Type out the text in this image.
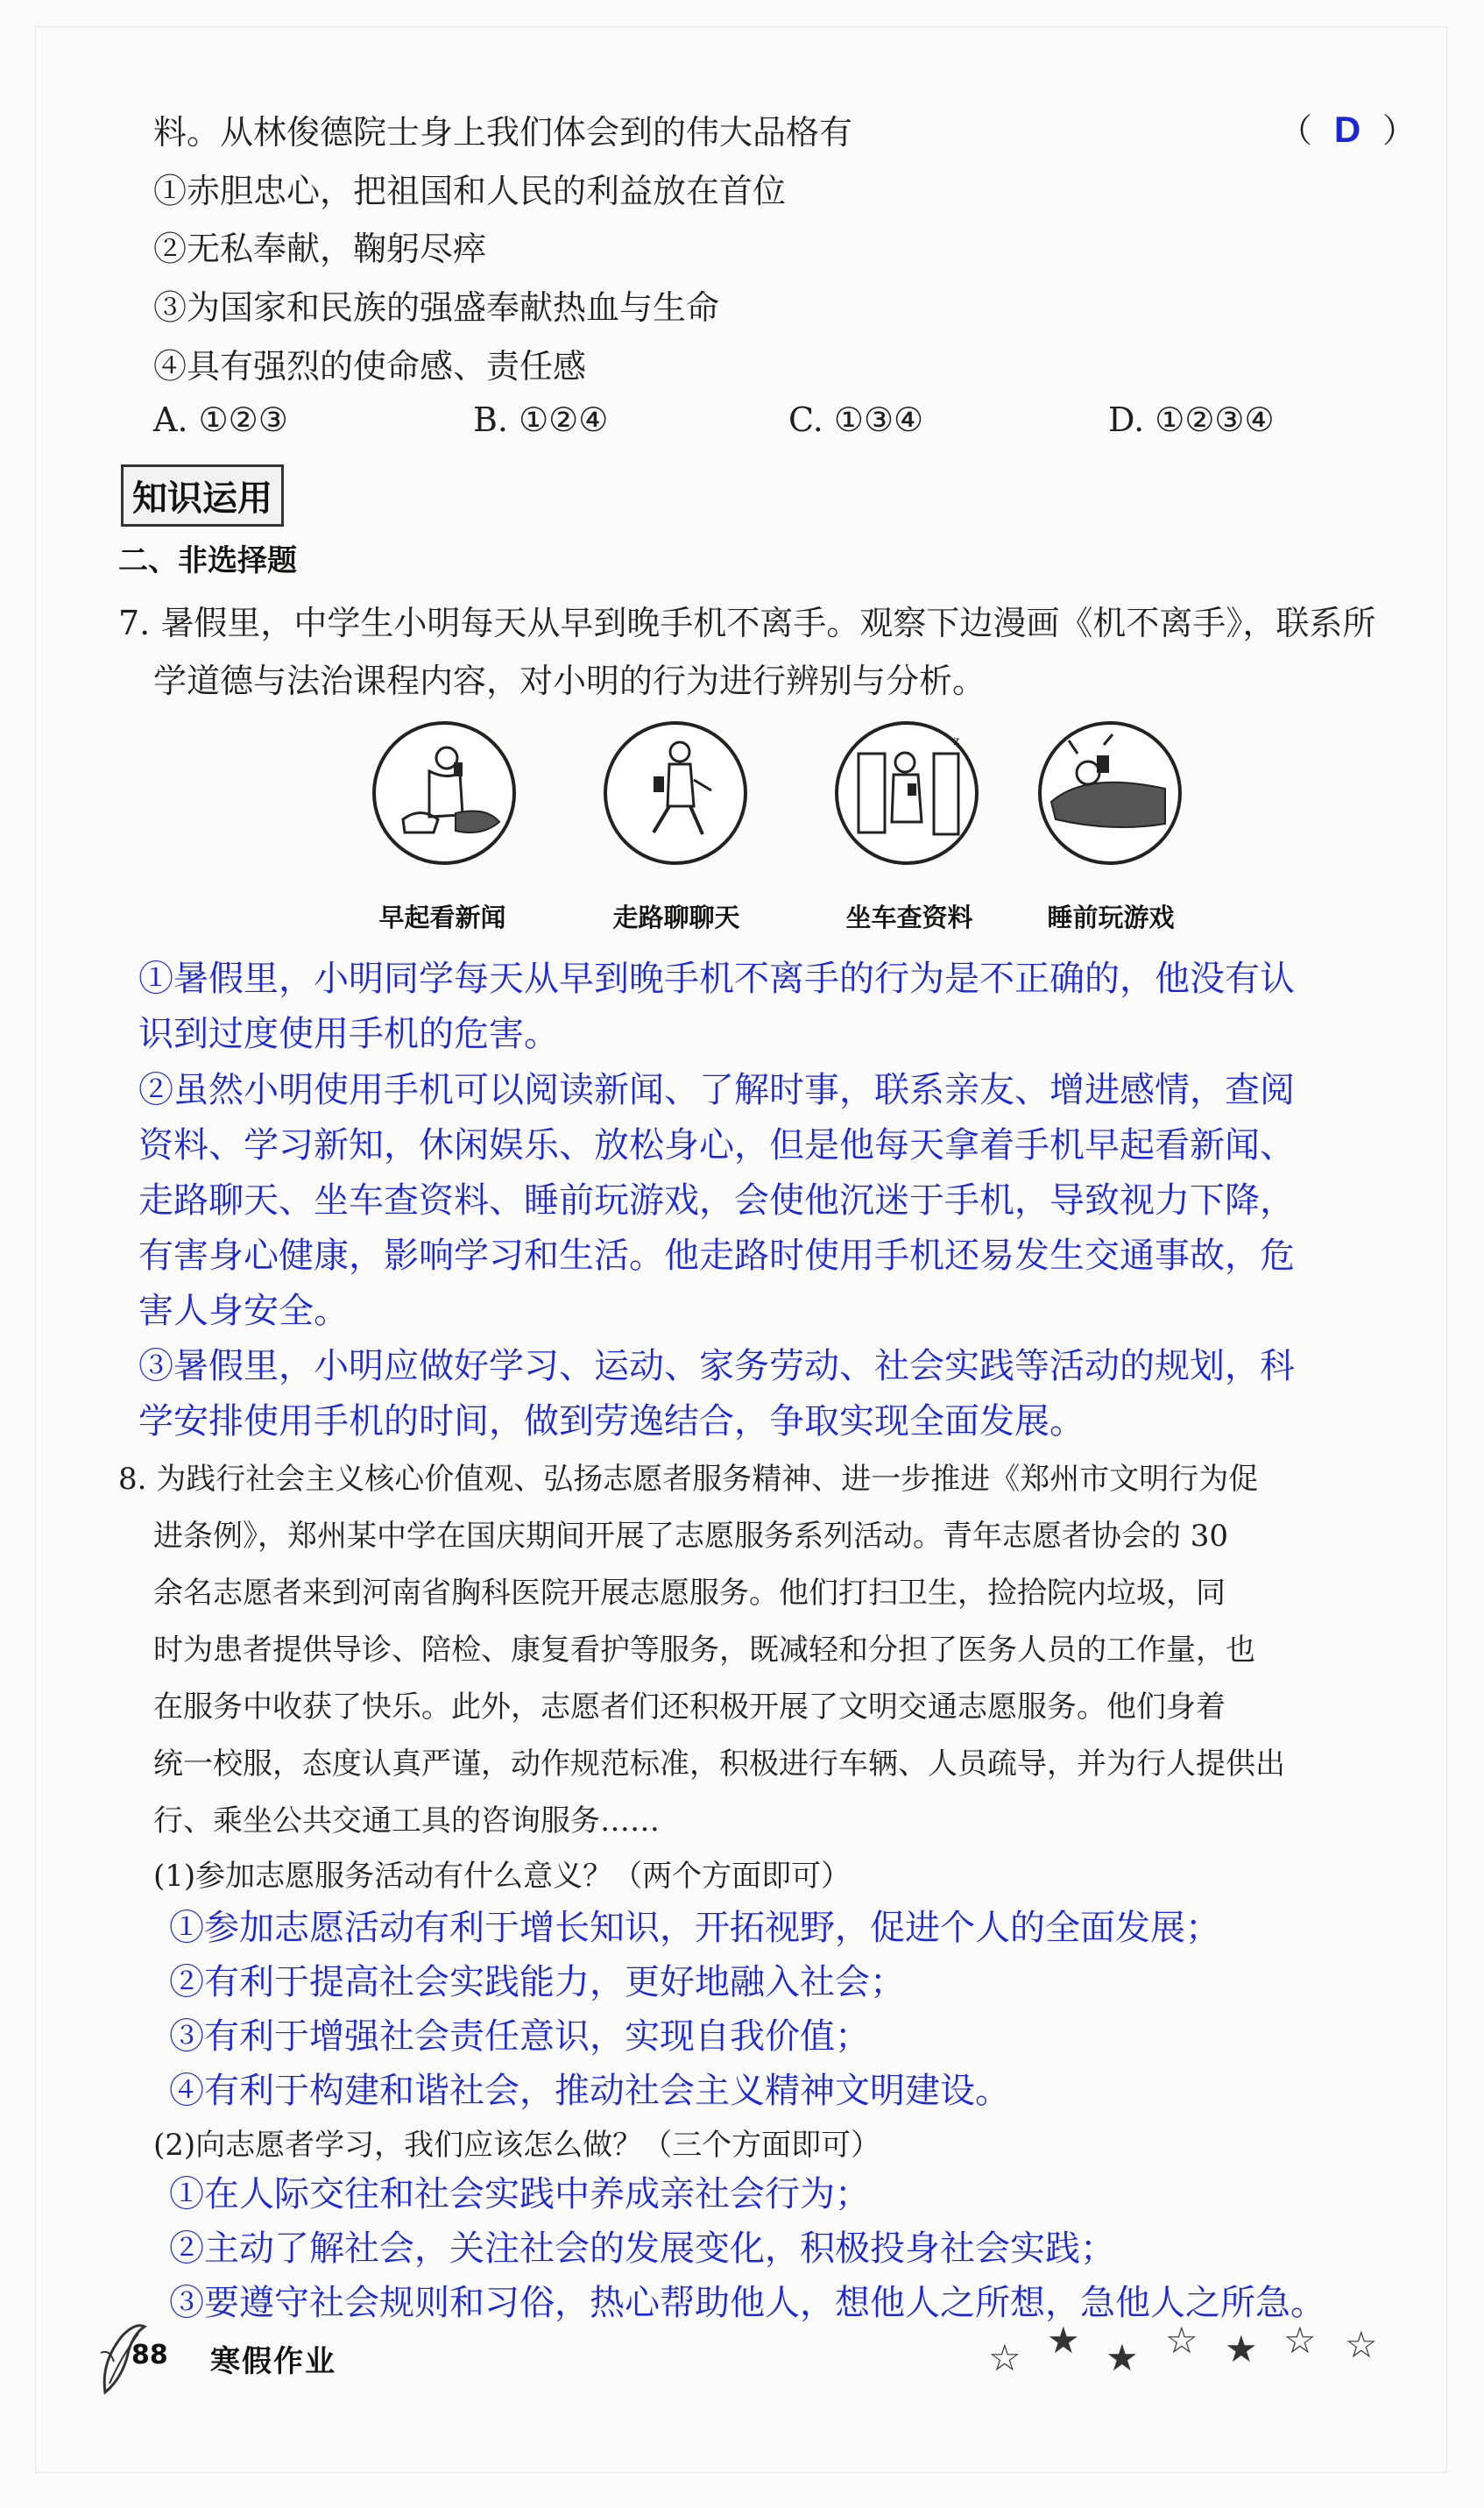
料。从林俊德院士身上我们体会到的伟大品格有	（ D ）
①赤胆忠心，把祖国和人民的利益放在首位
②无私奉献，鞠躬尽瘁
③为国家和民族的强盛奉献热血与生命
④具有强烈的使命感、责任感
A. ①②③	B. ①②④	C. ①③④	D. ①②③④
知识运用
二、非选择题
7. 暑假里，中学生小明每天从早到晚手机不离手。观察下边漫画《机不离手》，联系所
学道德与法治课程内容，对小明的行为进行辨别与分析。
z
早起看新闻	走路聊聊天	坐车查资料	睡前玩游戏
①暑假里，小明同学每天从早到晚手机不离手的行为是不正确的，他没有认
识到过度使用手机的危害。
②虽然小明使用手机可以阅读新闻、了解时事，联系亲友、增进感情，查阅
资料、学习新知，休闲娱乐、放松身心，但是他每天拿着手机早起看新闻、
走路聊天、坐车查资料、睡前玩游戏，会使他沉迷于手机，导致视力下降，
有害身心健康，影响学习和生活。他走路时使用手机还易发生交通事故，危
害人身安全。
③暑假里，小明应做好学习、运动、家务劳动、社会实践等活动的规划，科
学安排使用手机的时间，做到劳逸结合，争取实现全面发展。
8. 为践行社会主义核心价值观、弘扬志愿者服务精神、进一步推进《郑州市文明行为促
进条例》，郑州某中学在国庆期间开展了志愿服务系列活动。青年志愿者协会的 30
余名志愿者来到河南省胸科医院开展志愿服务。他们打扫卫生，捡拾院内垃圾，同
时为患者提供导诊、陪检、康复看护等服务，既减轻和分担了医务人员的工作量，也
在服务中收获了快乐。此外，志愿者们还积极开展了文明交通志愿服务。他们身着
统一校服，态度认真严谨，动作规范标准，积极进行车辆、人员疏导，并为行人提供出
行、乘坐公共交通工具的咨询服务……
(1)参加志愿服务活动有什么意义？（两个方面即可）
①参加志愿活动有利于增长知识，开拓视野，促进个人的全面发展；
②有利于提高社会实践能力，更好地融入社会；
③有利于增强社会责任意识，实现自我价值；
④有利于构建和谐社会，推动社会主义精神文明建设。
(2)向志愿者学习，我们应该怎么做？（三个方面即可）
①在人际交往和社会实践中养成亲社会行为；
②主动了解社会，关注社会的发展变化，积极投身社会实践；
③要遵守社会规则和习俗，热心帮助他人，想他人之所想，急他人之所急。
88 寒假作业	☆ ★ ★ ☆ ★ ☆ ☆
